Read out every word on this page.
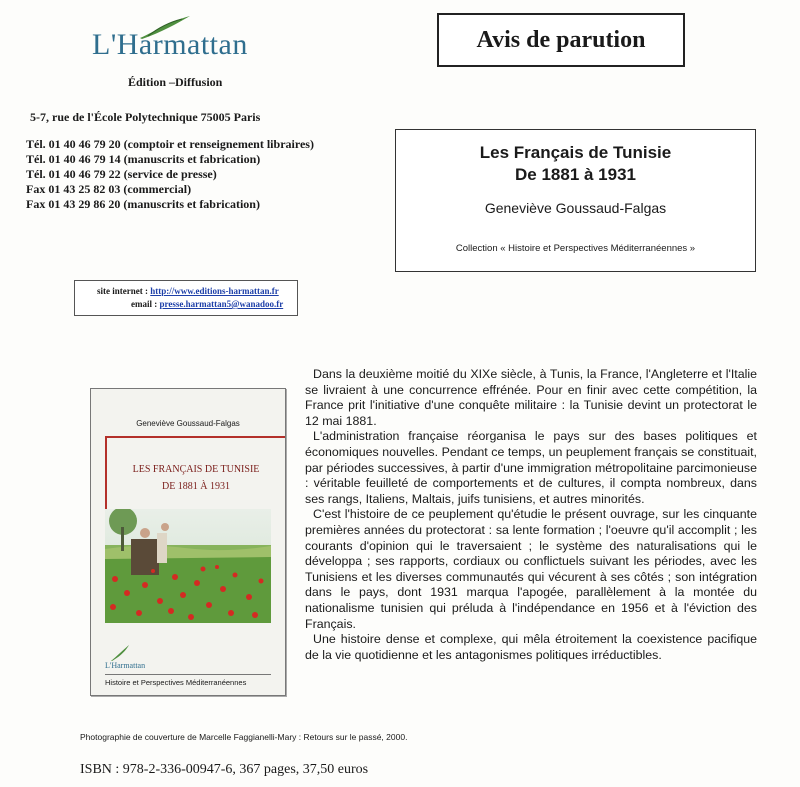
L'Harmattan
Édition –Diffusion
5-7, rue de l'École Polytechnique 75005 Paris
Tél. 01 40 46 79 20 (comptoir et renseignement libraires)
Tél. 01 40 46 79 14 (manuscrits et fabrication)
Tél. 01 40 46 79 22 (service de presse)
Fax 01 43 25 82 03 (commercial)
Fax 01 43 29 86 20 (manuscrits et fabrication)
site internet : http://www.editions-harmattan.fr
email : presse.harmattan5@wanadoo.fr
Avis de parution
Les Français de Tunisie
De 1881 à 1931
Geneviève Goussaud-Falgas
Collection « Histoire et Perspectives Méditerranéennes »
Geneviève Goussaud-Falgas
LES FRANÇAIS DE TUNISIE
DE 1881 À 1931
L'Harmattan
Histoire et Perspectives Méditerranéennes

Dans la deuxième moitié du XIXe siècle, à Tunis, la France, l'Angleterre et l'Italie se livraient à une concurrence effrénée. Pour en finir avec cette compétition, la France prit l'initiative d'une conquête militaire : la Tunisie devint un protectorat le 12 mai 1881.

L'administration française réorganisa le pays sur des bases politiques et économiques nouvelles. Pendant ce temps, un peuplement français se constituait, par périodes successives, à partir d'une immigration métropolitaine parcimonieuse : véritable feuilleté de comportements et de cultures, il compta nombreux, dans ses rangs, Italiens, Maltais, juifs tunisiens, et autres minorités.

C'est l'histoire de ce peuplement qu'étudie le présent ouvrage, sur les cinquante premières années du protectorat : sa lente formation ; l'oeuvre qu'il accomplit ; les courants d'opinion qui le traversaient ; le système des naturalisations qui le développa ; ses rapports, cordiaux ou conflictuels suivant les périodes, avec les Tunisiens et les diverses communautés qui vécurent à ses côtés ; son intégration dans le pays, dont 1931 marqua l'apogée, parallèlement à la montée du nationalisme tunisien qui préluda à l'indépendance en 1956 et à l'éviction des Français.

Une histoire dense et complexe, qui mêla étroitement la coexistence pacifique de la vie quotidienne et les antagonismes politiques irréductibles.

Photographie de couverture de Marcelle Faggianelli-Mary : Retours sur le passé, 2000.
ISBN : 978-2-336-00947-6, 367 pages, 37,50 euros
